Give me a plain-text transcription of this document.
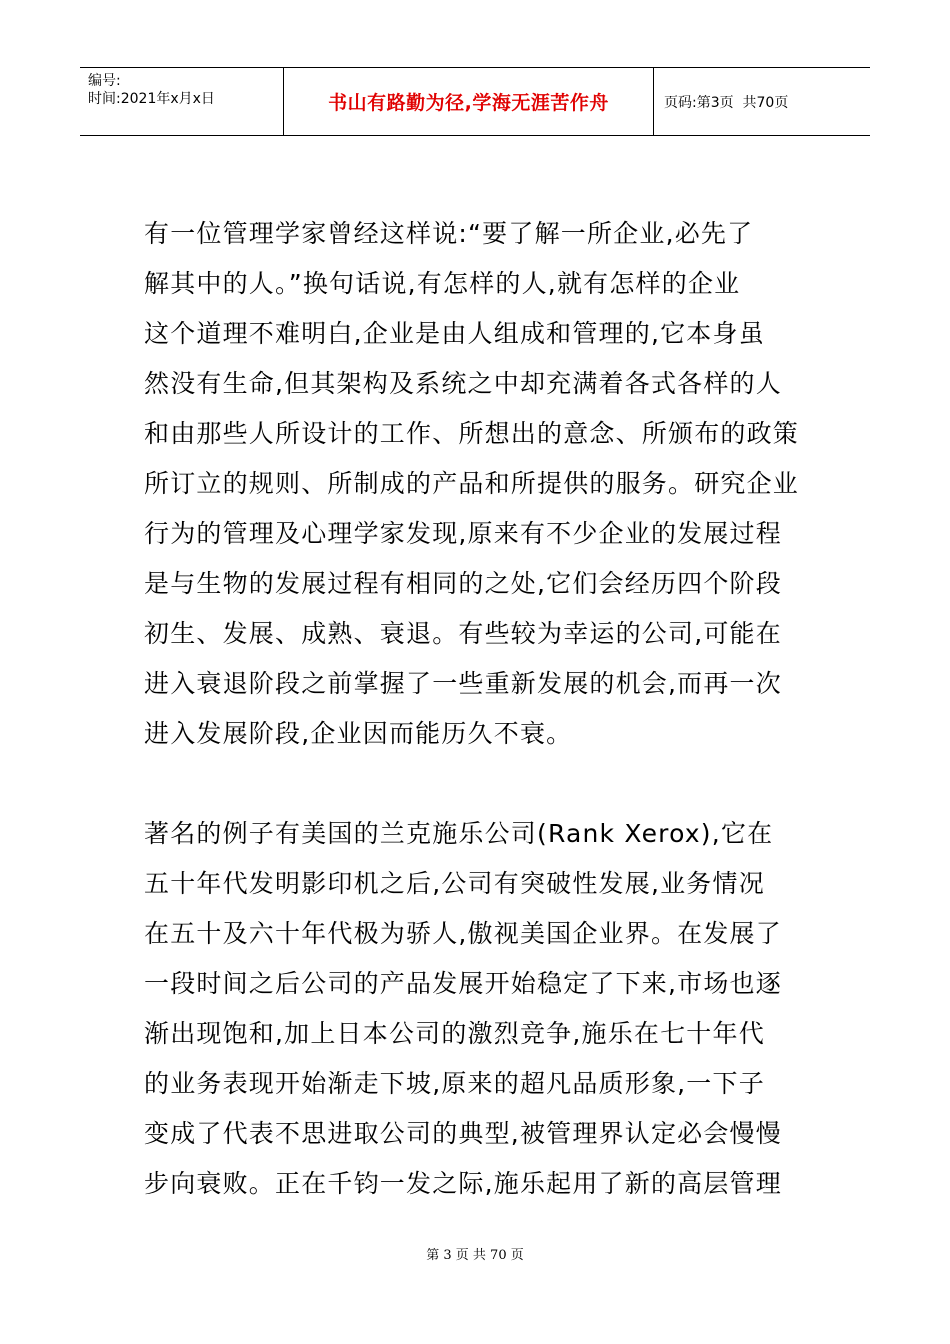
编号:
时间:2021年x月x日	书山有路勤为径,学海无涯苦作舟	页码:第3页  共70页
有一位管理学家曾经这样说:“要了解一所企业,必先了
解其中的人。”换句话说,有怎样的人,就有怎样的企业
这个道理不难明白,企业是由人组成和管理的,它本身虽
然没有生命,但其架构及系统之中却充满着各式各样的人
和由那些人所设计的工作、所想出的意念、所颁布的政策
所订立的规则、所制成的产品和所提供的服务。研究企业
行为的管理及心理学家发现,原来有不少企业的发展过程
是与生物的发展过程有相同的之处,它们会经历四个阶段
初生、发展、成熟、衰退。有些较为幸运的公司,可能在
进入衰退阶段之前掌握了一些重新发展的机会,而再一次
进入发展阶段,企业因而能历久不衰。
著名的例子有美国的兰克施乐公司(Rank Xerox),它在
五十年代发明影印机之后,公司有突破性发展,业务情况
在五十及六十年代极为骄人,傲视美国企业界。在发展了
一段时间之后公司的产品发展开始稳定了下来,市场也逐
渐出现饱和,加上日本公司的激烈竞争,施乐在七十年代
的业务表现开始渐走下坡,原来的超凡品质形象,一下子
变成了代表不思进取公司的典型,被管理界认定必会慢慢
步向衰败。正在千钧一发之际,施乐起用了新的高层管理
第 3 页 共 70 页
